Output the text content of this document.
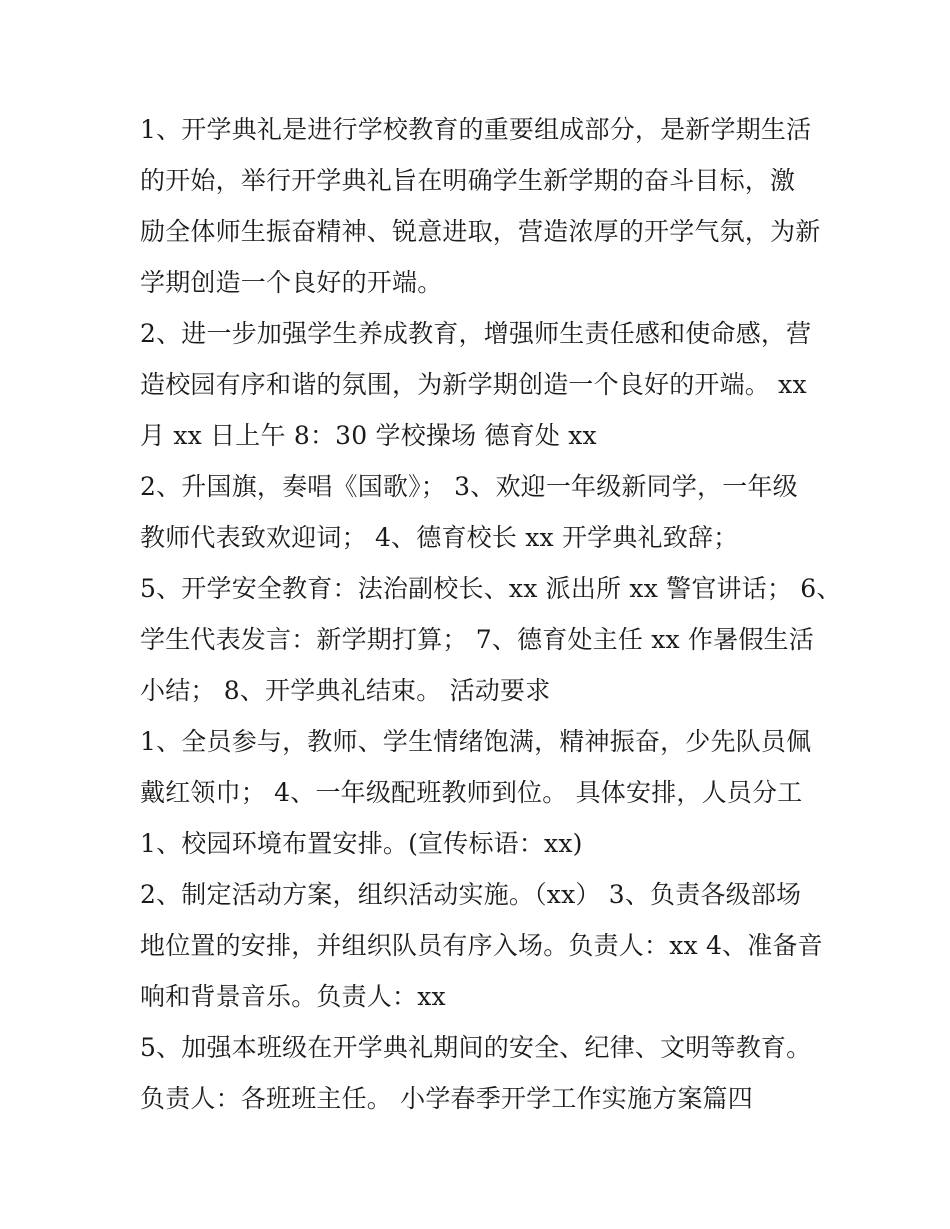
1、开学典礼是进行学校教育的重要组成部分，是新学期生活
的开始，举行开学典礼旨在明确学生新学期的奋斗目标，激
励全体师生振奋精神、锐意进取，营造浓厚的开学气氛，为新
学期创造一个良好的开端。
2、进一步加强学生养成教育，增强师生责任感和使命感，营
造校园有序和谐的氛围，为新学期创造一个良好的开端。 xx
月 xx 日上午 8：30 学校操场 德育处 xx
2、升国旗，奏唱《国歌》； 3、欢迎一年级新同学，一年级
教师代表致欢迎词； 4、德育校长 xx 开学典礼致辞；
5、开学安全教育：法治副校长、xx 派出所 xx 警官讲话； 6、
学生代表发言：新学期打算； 7、德育处主任 xx 作暑假生活
小结； 8、开学典礼结束。 活动要求
1、全员参与，教师、学生情绪饱满，精神振奋，少先队员佩
戴红领巾； 4、一年级配班教师到位。 具体安排，人员分工
1、校园环境布置安排。(宣传标语：xx)
2、制定活动方案，组织活动实施。（xx） 3、负责各级部场
地位置的安排，并组织队员有序入场。负责人：xx 4、准备音
响和背景音乐。负责人：xx
5、加强本班级在开学典礼期间的安全、纪律、文明等教育。
负责人：各班班主任。 小学春季开学工作实施方案篇四
